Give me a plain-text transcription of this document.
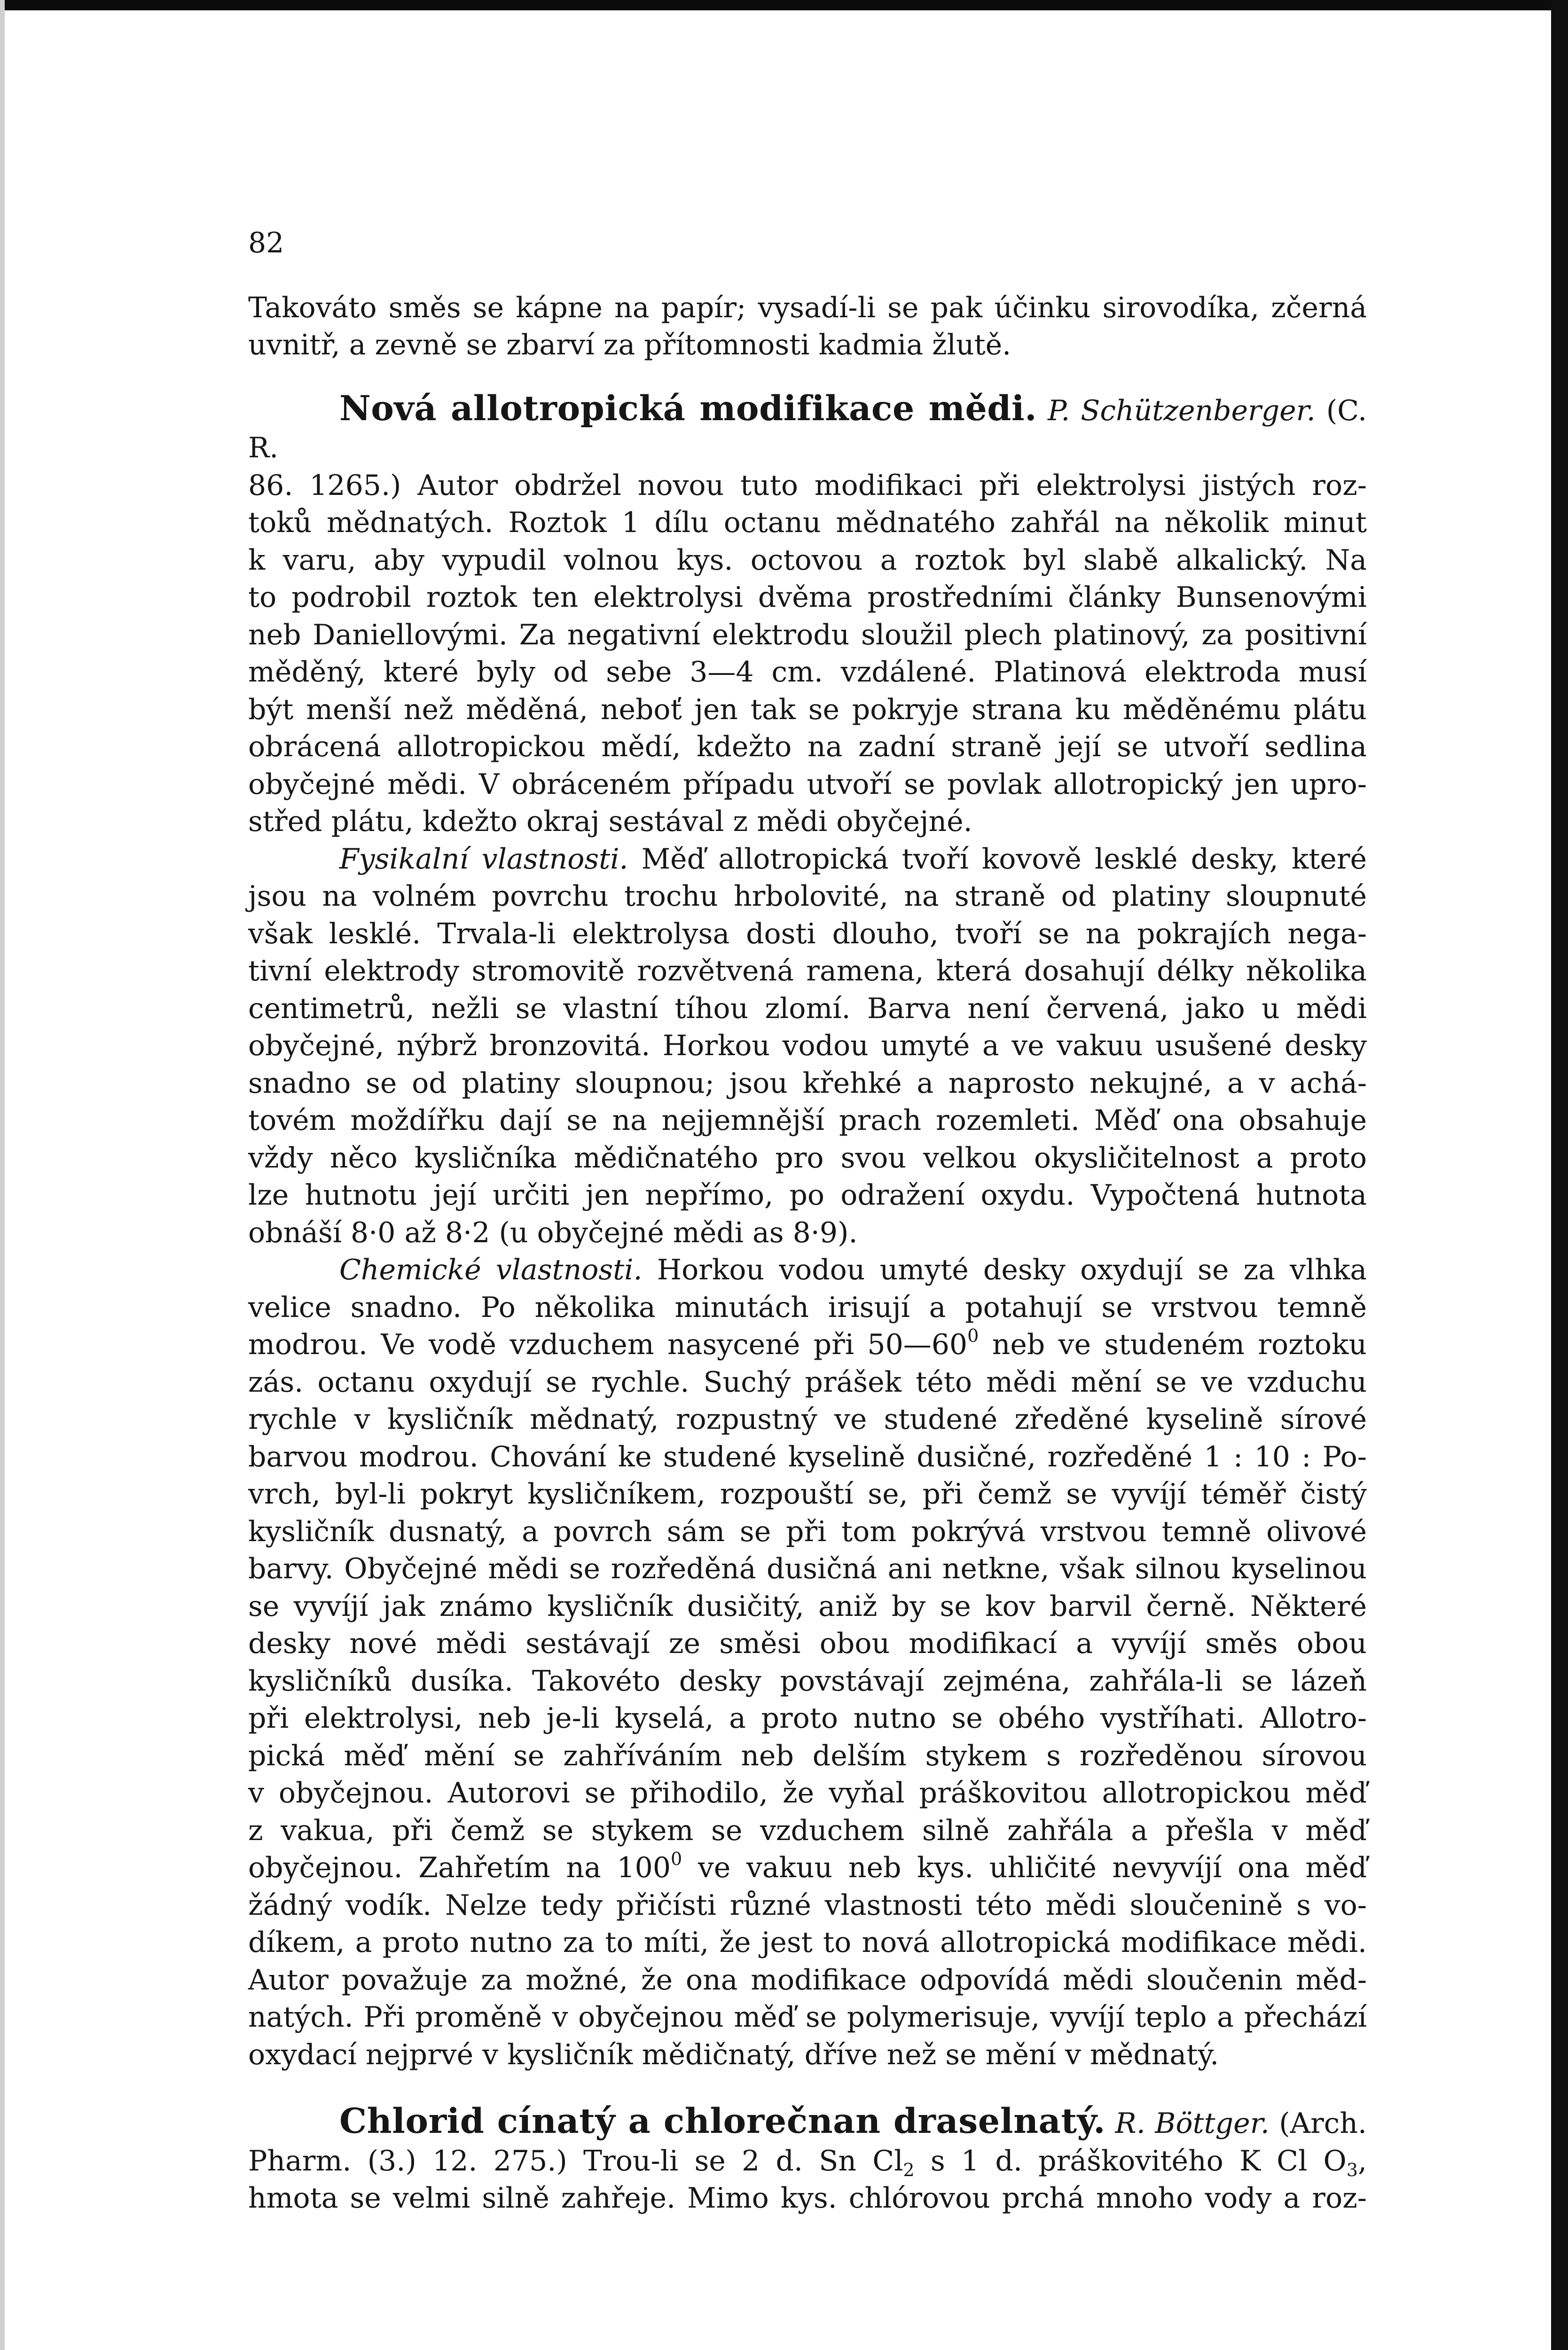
82

Takováto směs se kápne na papír; vysadí-li se pak účinku sirovodíka, zčerná

uvnitř, a zevně se zbarví za přítomnosti kadmia žlutě.

Nová allotropická modifikace mědi. P. Schützenberger. (C. R.

86. 1265.) Autor obdržel novou tuto modifikaci při elektrolysi jistých roz-

toků mědnatých. Roztok 1 dílu octanu mědnatého zahřál na několik minut

k varu, aby vypudil volnou kys. octovou a roztok byl slabě alkalický. Na

to podrobil roztok ten elektrolysi dvěma prostředními články Bunsenovými

neb Daniellovými. Za negativní elektrodu sloužil plech platinový, za positivní

měděný, které byly od sebe 3—4 cm. vzdálené. Platinová elektroda musí

být menší než měděná, neboť jen tak se pokryje strana ku měděnému plátu

obrácená allotropickou mědí, kdežto na zadní straně její se utvoří sedlina

obyčejné mědi. V obráceném případu utvoří se povlak allotropický jen upro-

střed plátu, kdežto okraj sestával z mědi obyčejné.

Fysikalní vlastnosti. Měď allotropická tvoří kovově lesklé desky, které

jsou na volném povrchu trochu hrbolovité, na straně od platiny sloupnuté

však lesklé. Trvala-li elektrolysa dosti dlouho, tvoří se na pokrajích nega-

tivní elektrody stromovitě rozvětvená ramena, která dosahují délky několika

centimetrů, nežli se vlastní tíhou zlomí. Barva není červená, jako u mědi

obyčejné, nýbrž bronzovitá. Horkou vodou umyté a ve vakuu usušené desky

snadno se od platiny sloupnou; jsou křehké a naprosto nekujné, a v achá-

tovém moždířku dají se na nejjemnější prach rozemleti. Měď ona obsahuje

vždy něco kysličníka mědičnatého pro svou velkou okysličitelnost a proto

lze hutnotu její určiti jen nepřímo, po odražení oxydu. Vypočtená hutnota

obnáší 8·0 až 8·2 (u obyčejné mědi as 8·9).

Chemické vlastnosti. Horkou vodou umyté desky oxydují se za vlhka

velice snadno. Po několika minutách irisují a potahují se vrstvou temně

modrou. Ve vodě vzduchem nasycené při $50—60^0$ neb ve studeném roztoku

zás. octanu oxydují se rychle. Suchý prášek této mědi mění se ve vzduchu

rychle v kysličník mědnatý, rozpustný ve studené zředěné kyselině sírové

barvou modrou. Chování ke studené kyselině dusičné, rozředěné 1 : 10 : Po-

vrch, byl-li pokryt kysličníkem, rozpouští se, při čemž se vyvíjí téměř čistý

kysličník dusnatý, a povrch sám se při tom pokrývá vrstvou temně olivové

barvy. Obyčejné mědi se rozředěná dusičná ani netkne, však silnou kyselinou

se vyvíjí jak známo kysličník dusičitý, aniž by se kov barvil černě. Některé

desky nové mědi sestávají ze směsi obou modifikací a vyvíjí směs obou

kysličníků dusíka. Takovéto desky povstávají zejména, zahřála-li se lázeň

při elektrolysi, neb je-li kyselá, a proto nutno se obého vystříhati. Allotro-

pická měď mění se zahříváním neb delším stykem s rozředěnou sírovou

v obyčejnou. Autorovi se přihodilo, že vyňal práškovitou allotropickou měď

z vakua, při čemž se stykem se vzduchem silně zahřála a přešla v měď

obyčejnou. Zahřetím na $100^0$ ve vakuu neb kys. uhličité nevyvíjí ona měď

žádný vodík. Nelze tedy přičísti různé vlastnosti této mědi sloučenině s vo-

díkem, a proto nutno za to míti, že jest to nová allotropická modifikace mědi.

Autor považuje za možné, že ona modifikace odpovídá mědi sloučenin měd-

natých. Při proměně v obyčejnou měď se polymerisuje, vyvíjí teplo a přechází

oxydací nejprvé v kysličník mědičnatý, dříve než se mění v mědnatý.

Chlorid cínatý a chlorečnan draselnatý. R. Böttger. (Arch.

Pharm. (3.) 12. 275.) Trou-li se 2 d. Sn $Cl_2$ s 1 d. práškovitého K Cl $O_3$,

hmota se velmi silně zahřeje. Mimo kys. chlórovou prchá mnoho vody a roz-
